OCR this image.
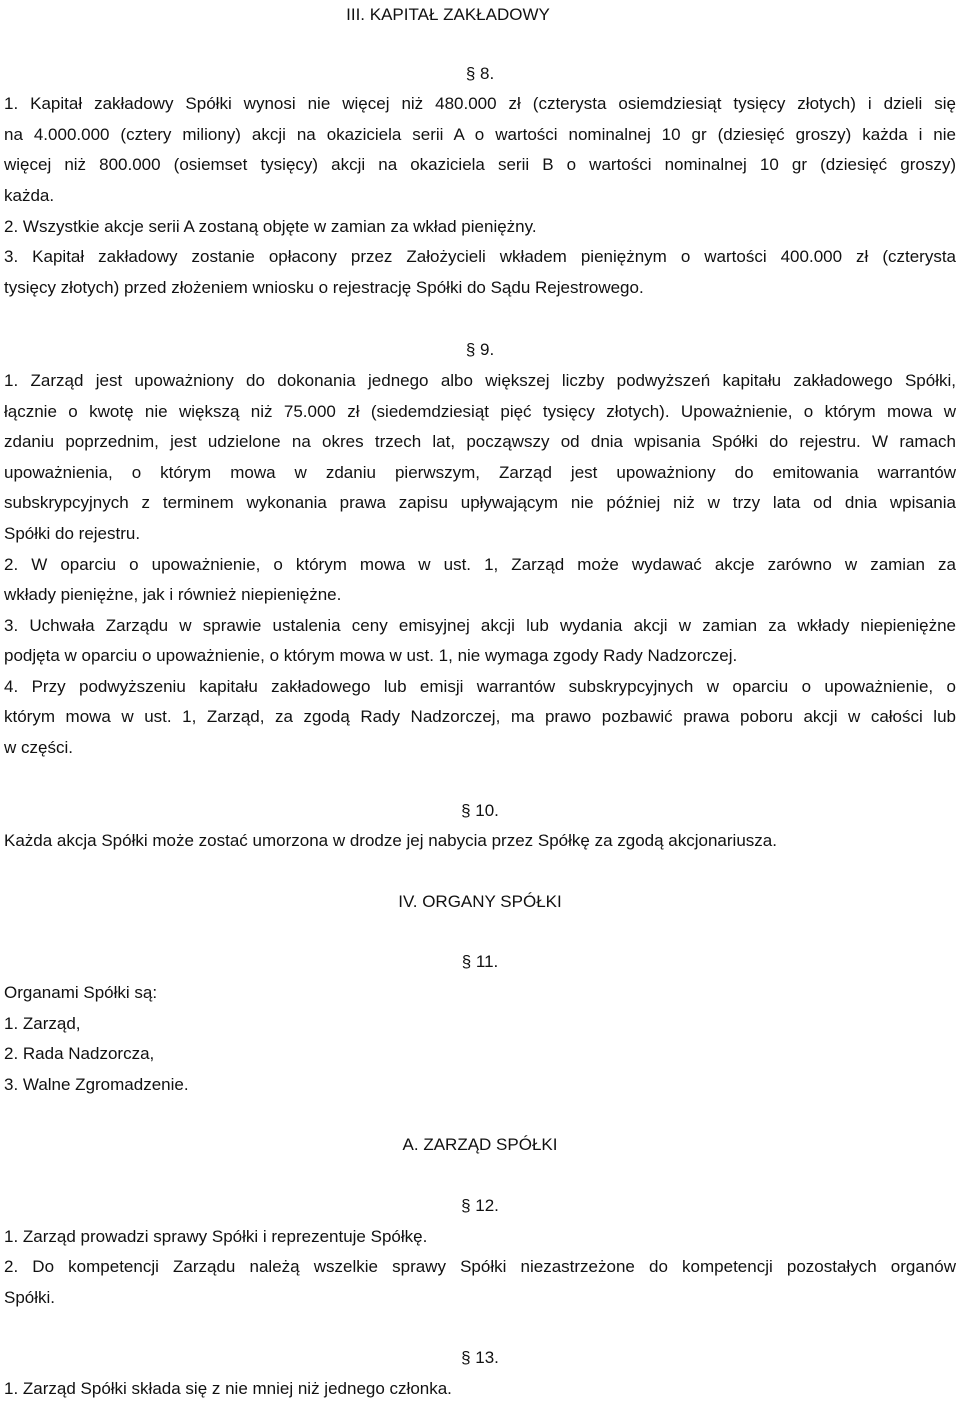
III. KAPITAŁ ZAKŁADOWY
§ 8.
1. Kapitał zakładowy Spółki wynosi nie więcej niż 480.000 zł (czterysta osiemdziesiąt tysięcy złotych) i dzieli się
na 4.000.000 (cztery miliony) akcji na okaziciela serii A o wartości nominalnej 10 gr (dziesięć groszy) każda i nie
więcej niż 800.000 (osiemset tysięcy) akcji na okaziciela serii B o wartości nominalnej 10 gr (dziesięć groszy)
każda.
2. Wszystkie akcje serii A zostaną objęte w zamian za wkład pieniężny.
3. Kapitał zakładowy zostanie opłacony przez Założycieli wkładem pieniężnym o wartości 400.000 zł (czterysta
tysięcy złotych) przed złożeniem wniosku o rejestrację Spółki do Sądu Rejestrowego.
§ 9.
1. Zarząd jest upoważniony do dokonania jednego albo większej liczby podwyższeń kapitału zakładowego Spółki,
łącznie o kwotę nie większą niż 75.000 zł (siedemdziesiąt pięć tysięcy złotych). Upoważnienie, o którym mowa w
zdaniu poprzednim, jest udzielone na okres trzech lat, począwszy od dnia wpisania Spółki do rejestru. W ramach
upoważnienia, o którym mowa w zdaniu pierwszym, Zarząd jest upoważniony do emitowania warrantów
subskrypcyjnych z terminem wykonania prawa zapisu upływającym nie później niż w trzy lata od dnia wpisania
Spółki do rejestru.
2. W oparciu o upoważnienie, o którym mowa w ust. 1, Zarząd może wydawać akcje zarówno w zamian za
wkłady pieniężne, jak i również niepieniężne.
3. Uchwała Zarządu w sprawie ustalenia ceny emisyjnej akcji lub wydania akcji w zamian za wkłady niepieniężne
podjęta w oparciu o upoważnienie, o którym mowa w ust. 1, nie wymaga zgody Rady Nadzorczej.
4. Przy podwyższeniu kapitału zakładowego lub emisji warrantów subskrypcyjnych w oparciu o upoważnienie, o
którym mowa w ust. 1, Zarząd, za zgodą Rady Nadzorczej, ma prawo pozbawić prawa poboru akcji w całości lub
w części.
§ 10.
Każda akcja Spółki może zostać umorzona w drodze jej nabycia przez Spółkę za zgodą akcjonariusza.
IV. ORGANY SPÓŁKI
§ 11.
Organami Spółki są:
1. Zarząd,
2. Rada Nadzorcza,
3. Walne Zgromadzenie.
A. ZARZĄD SPÓŁKI
§ 12.
1. Zarząd prowadzi sprawy Spółki i reprezentuje Spółkę.
2. Do kompetencji Zarządu należą wszelkie sprawy Spółki niezastrzeżone do kompetencji pozostałych organów
Spółki.
§ 13.
1. Zarząd Spółki składa się z nie mniej niż jednego członka.
